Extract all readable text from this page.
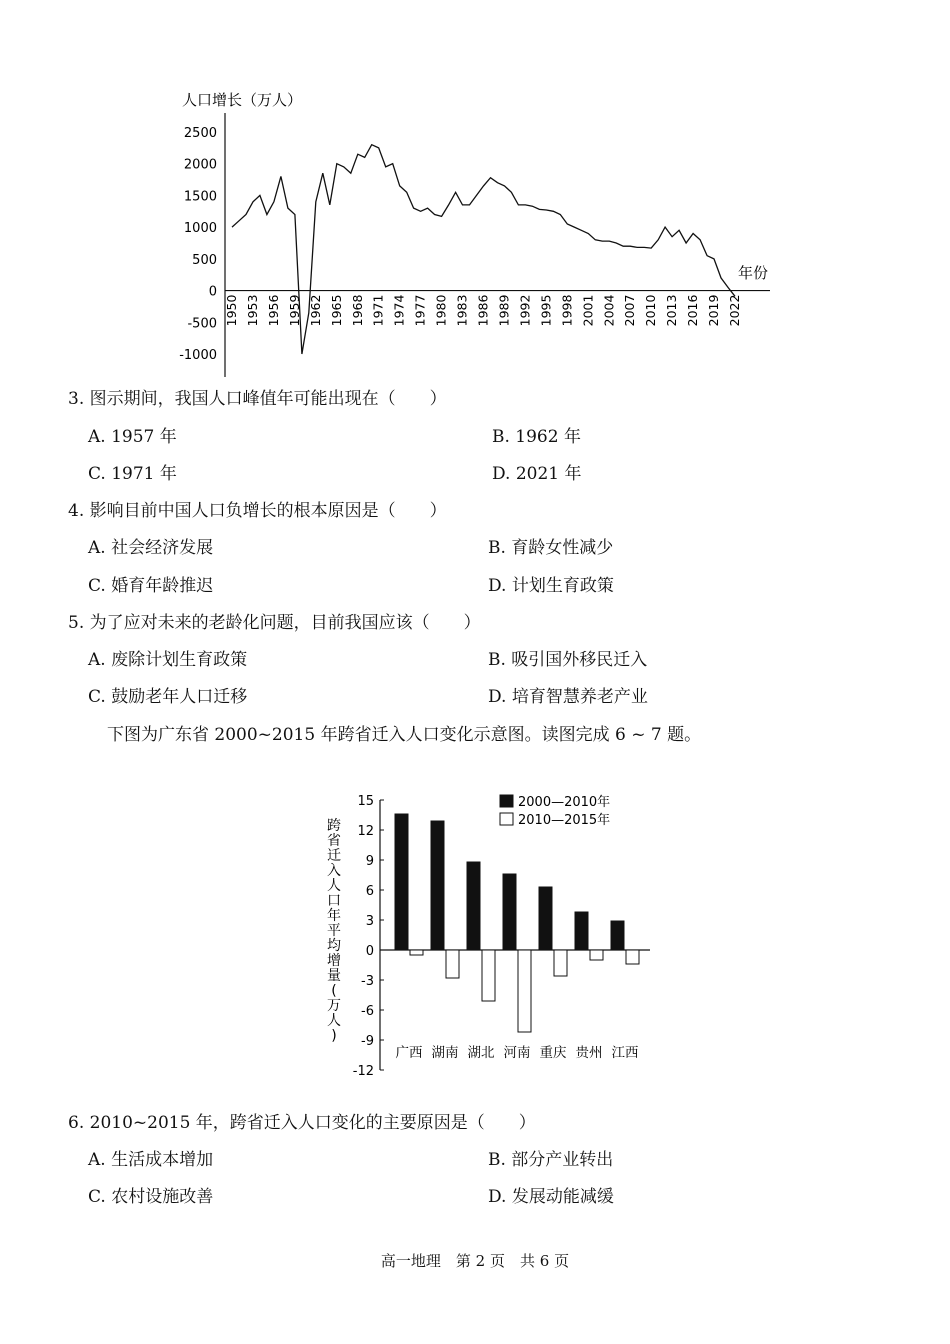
人口增长（万人）
年份
2500
2000
1500
1000
500
0
-500
-1000
1950 1953 1956 1959 1962 1965 1968 1971 1974 1977 1980 1983 1986 1989 1992 1995 1998 2001 2004 2007 2010 2013 2016 2019 2022
3. 图示期间，我国人口峰值年可能出现在（　　）
A. 1957 年	B. 1962 年
C. 1971 年	D. 2021 年
4. 影响目前中国人口负增长的根本原因是（　　）
A. 社会经济发展	B. 育龄女性减少
C. 婚育年龄推迟	D. 计划生育政策
5. 为了应对未来的老龄化问题，目前我国应该（　　）
A. 废除计划生育政策	B. 吸引国外移民迁入
C. 鼓励老年人口迁移	D. 培育智慧养老产业
下图为广东省 2000~2015 年跨省迁入人口变化示意图。读图完成 6 ~ 7 题。
跨
省
迁
入
人
口
年
平
均
增
量
(
万
人
)
15
12
9
6
3
0
-3
-6
-9
-12
广西 湖南 湖北 河南 重庆 贵州 江西
2000—2010年
2010—2015年
6. 2010~2015 年，跨省迁入人口变化的主要原因是（　　）
A. 生活成本增加	B. 部分产业转出
C. 农村设施改善	D. 发展动能减缓
高一地理　第 2 页　共 6 页
